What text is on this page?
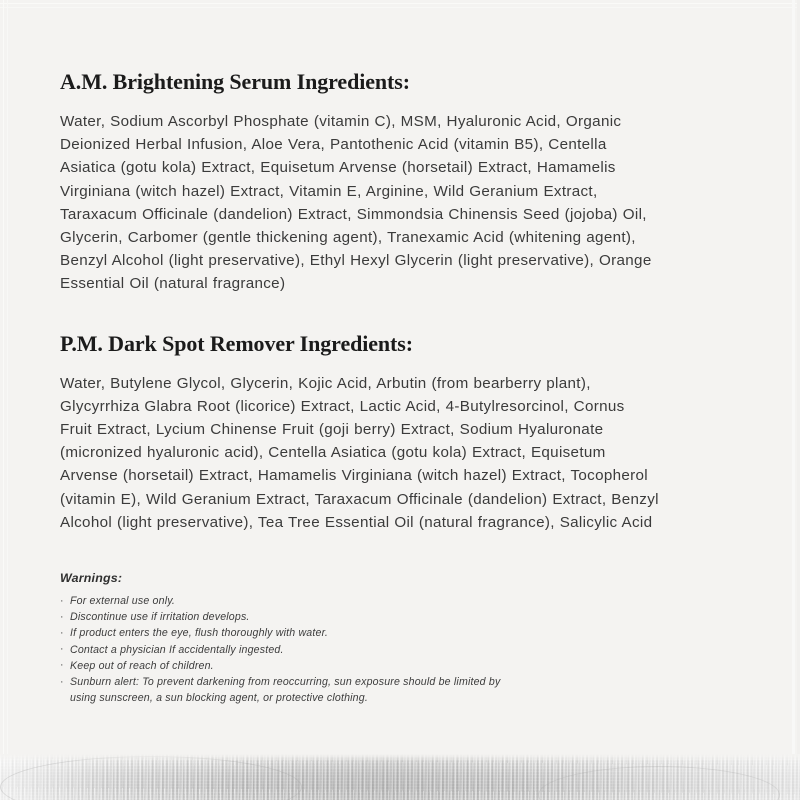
A.M. Brightening Serum Ingredients:

Water, Sodium Ascorbyl Phosphate (vitamin C), MSM, Hyaluronic Acid, Organic Deionized Herbal Infusion, Aloe Vera, Pantothenic Acid (vitamin B5), Centella Asiatica (gotu kola) Extract, Equisetum Arvense (horsetail) Extract, Hamamelis Virginiana (witch hazel) Extract, Vitamin E, Arginine, Wild Geranium Extract, Taraxacum Officinale (dandelion) Extract, Simmondsia Chinensis Seed (jojoba) Oil, Glycerin, Carbomer (gentle thickening agent), Tranexamic Acid (whitening agent), Benzyl Alcohol (light preservative), Ethyl Hexyl Glycerin (light preservative), Orange Essential Oil (natural fragrance)

P.M. Dark Spot Remover Ingredients:

Water, Butylene Glycol, Glycerin, Kojic Acid, Arbutin (from bearberry plant), Glycyrrhiza Glabra Root (licorice) Extract, Lactic Acid, 4-Butylresorcinol, Cornus Fruit Extract, Lycium Chinense Fruit (goji berry) Extract, Sodium Hyaluronate (micronized hyaluronic acid), Centella Asiatica (gotu kola) Extract, Equisetum Arvense (horsetail) Extract, Hamamelis Virginiana (witch hazel) Extract, Tocopherol (vitamin E), Wild Geranium Extract, Taraxacum Officinale (dandelion) Extract, Benzyl Alcohol (light preservative), Tea Tree Essential Oil (natural fragrance), Salicylic Acid

Warnings:
· For external use only.
· Discontinue use if irritation develops.
· If product enters the eye, flush thoroughly with water.
· Contact a physician If accidentally ingested.
· Keep out of reach of children.
· Sunburn alert: To prevent darkening from reoccurring, sun exposure should be limited by using sunscreen, a sun blocking agent, or protective clothing.
